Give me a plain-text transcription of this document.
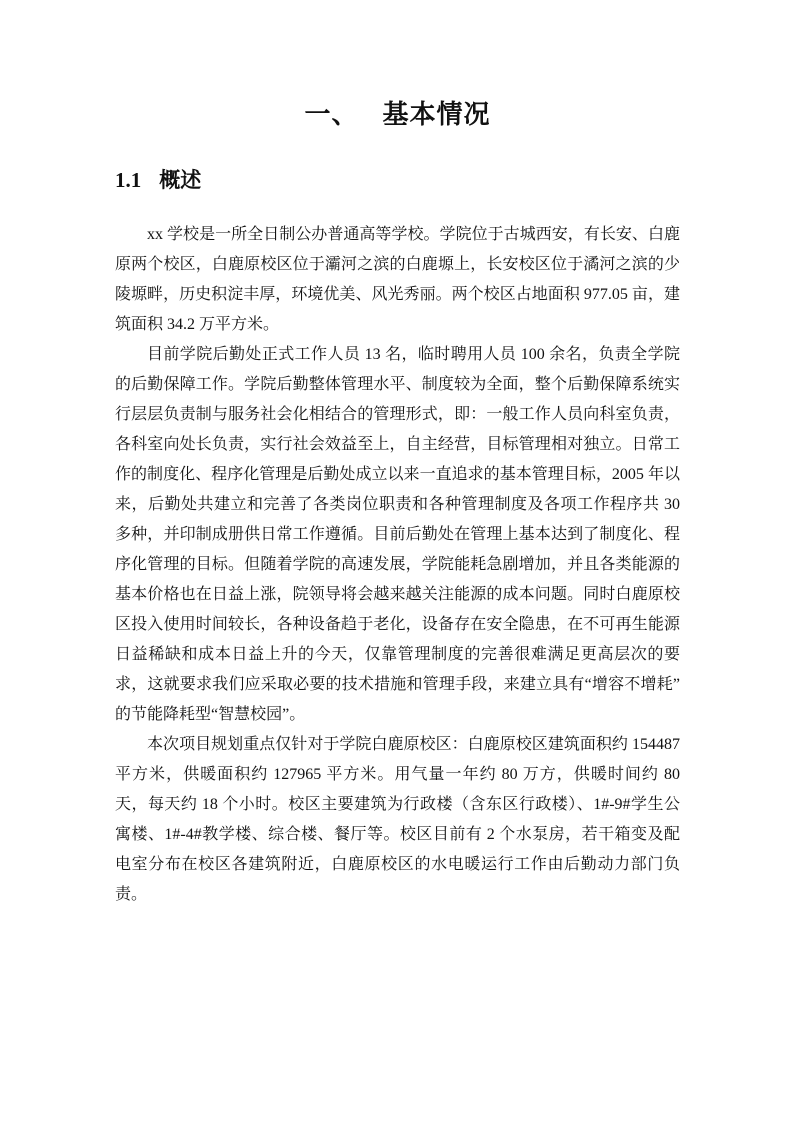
一、 基本情况
1.1 概述

xx 学校是一所全日制公办普通高等学校。学院位于古城西安，有长安、白鹿原两个校区，白鹿原校区位于灞河之滨的白鹿塬上，长安校区位于潏河之滨的少陵塬畔，历史积淀丰厚，环境优美、风光秀丽。两个校区占地面积 977.05 亩，建筑面积 34.2 万平方米。

目前学院后勤处正式工作人员 13 名，临时聘用人员 100 余名，负责全学院的后勤保障工作。学院后勤整体管理水平、制度较为全面，整个后勤保障系统实行层层负责制与服务社会化相结合的管理形式，即：一般工作人员向科室负责，各科室向处长负责，实行社会效益至上，自主经营，目标管理相对独立。日常工作的制度化、程序化管理是后勤处成立以来一直追求的基本管理目标，2005 年以来，后勤处共建立和完善了各类岗位职责和各种管理制度及各项工作程序共 30 多种，并印制成册供日常工作遵循。目前后勤处在管理上基本达到了制度化、程序化管理的目标。但随着学院的高速发展，学院能耗急剧增加，并且各类能源的基本价格也在日益上涨，院领导将会越来越关注能源的成本问题。同时白鹿原校区投入使用时间较长，各种设备趋于老化，设备存在安全隐患，在不可再生能源日益稀缺和成本日益上升的今天，仅靠管理制度的完善很难满足更高层次的要求，这就要求我们应采取必要的技术措施和管理手段，来建立具有“增容不增耗”的节能降耗型“智慧校园”。

本次项目规划重点仅针对于学院白鹿原校区：白鹿原校区建筑面积约 154487 平方米，供暖面积约 127965 平方米。用气量一年约 80 万方，供暖时间约 80 天，每天约 18 个小时。校区主要建筑为行政楼（含东区行政楼）、1#-9#学生公寓楼、1#-4#教学楼、综合楼、餐厅等。校区目前有 2 个水泵房，若干箱变及配电室分布在校区各建筑附近，白鹿原校区的水电暖运行工作由后勤动力部门负责。
